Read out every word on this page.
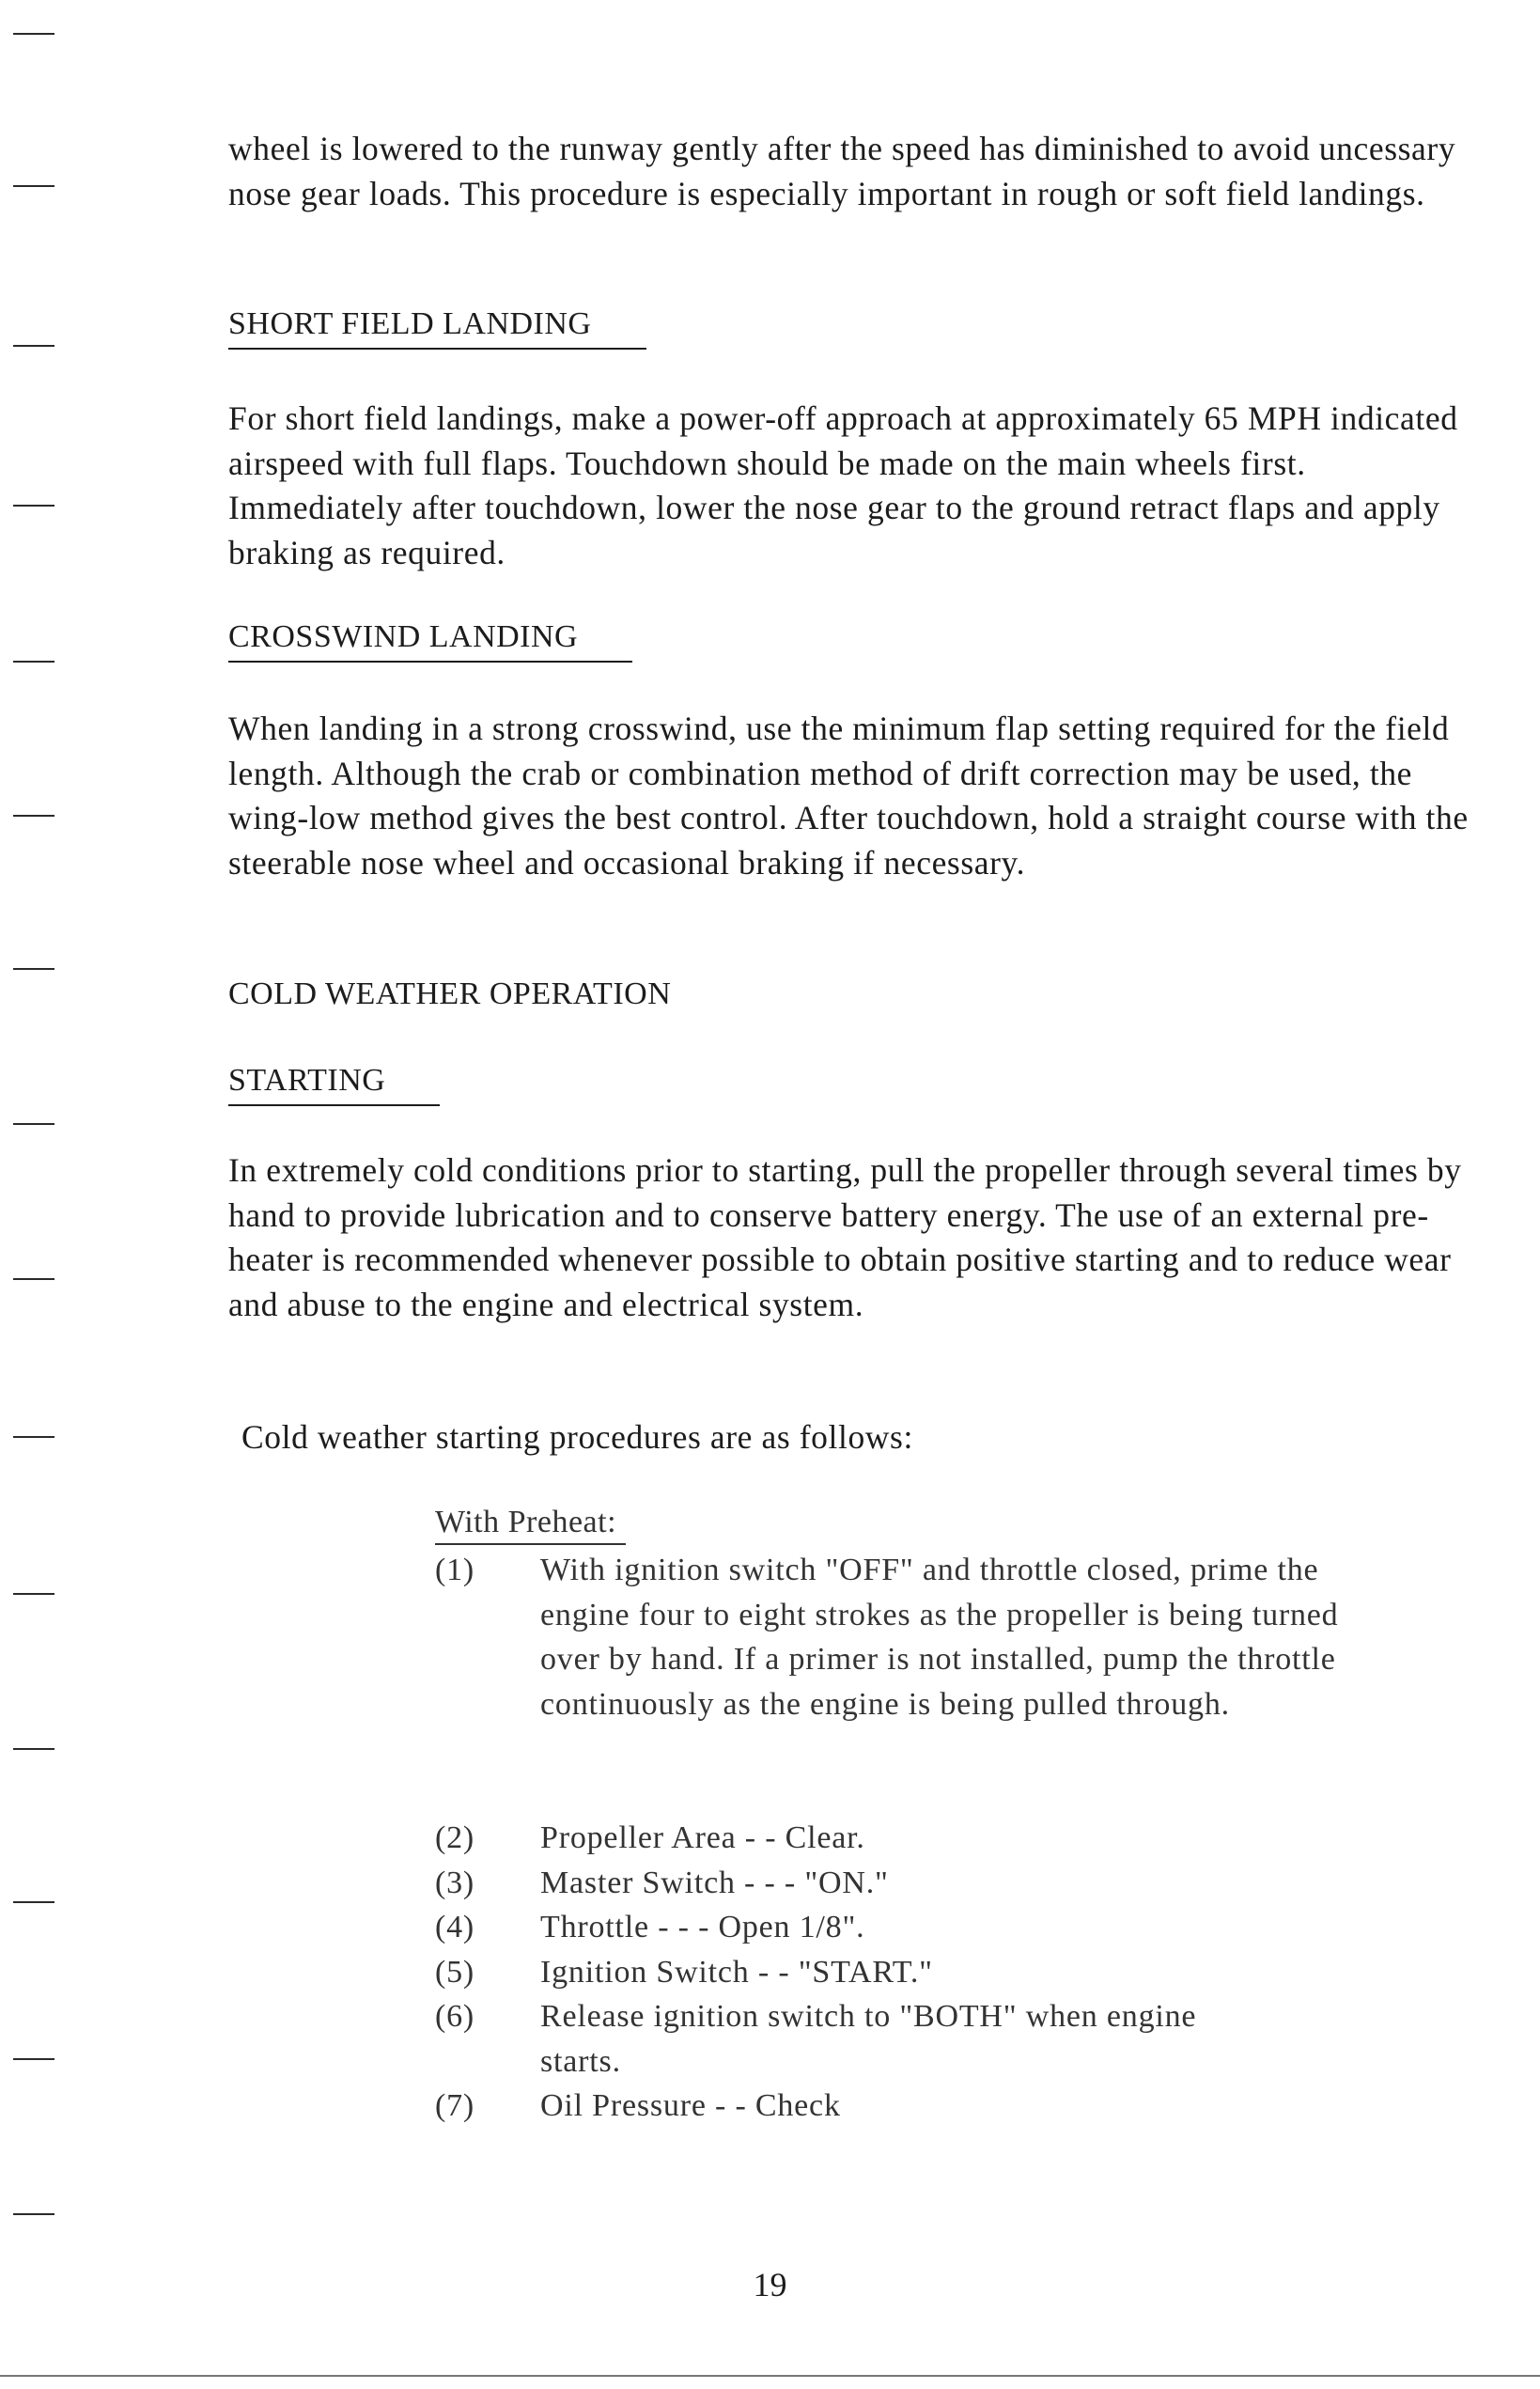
wheel is lowered to the runway gently after the speed has diminished to avoid uncessary nose gear loads. This procedure is especially important in rough or soft field landings.

SHORT FIELD LANDING

For short field landings, make a power-off approach at approximately 65 MPH indicated airspeed with full flaps. Touchdown should be made on the main wheels first. Immediately after touchdown, lower the nose gear to the ground retract flaps and apply braking as required.

CROSSWIND LANDING

When landing in a strong crosswind, use the minimum flap setting required for the field length. Although the crab or combination method of drift correction may be used, the wing-low method gives the best control. After touchdown, hold a straight course with the steerable nose wheel and occasional braking if necessary.

COLD WEATHER OPERATION
STARTING

In extremely cold conditions prior to starting, pull the propeller through several times by hand to provide lubrication and to conserve battery energy. The use of an external pre-heater is recommended whenever possible to obtain positive starting and to reduce wear and abuse to the engine and electrical system.

Cold weather starting procedures are as follows:

With Preheat:
(1)	With ignition switch "OFF" and throttle closed, prime the engine four to eight strokes as the propeller is being turned over by hand. If a primer is not installed, pump the throttle continuously as the engine is being pulled through.
(2)	Propeller Area - - Clear.
(3)	Master Switch - - - "ON."
(4)	Throttle - - - Open 1/8".
(5)	Ignition Switch - - "START."
(6)	Release ignition switch to "BOTH" when engine starts.
(7)	Oil Pressure - - Check
19
